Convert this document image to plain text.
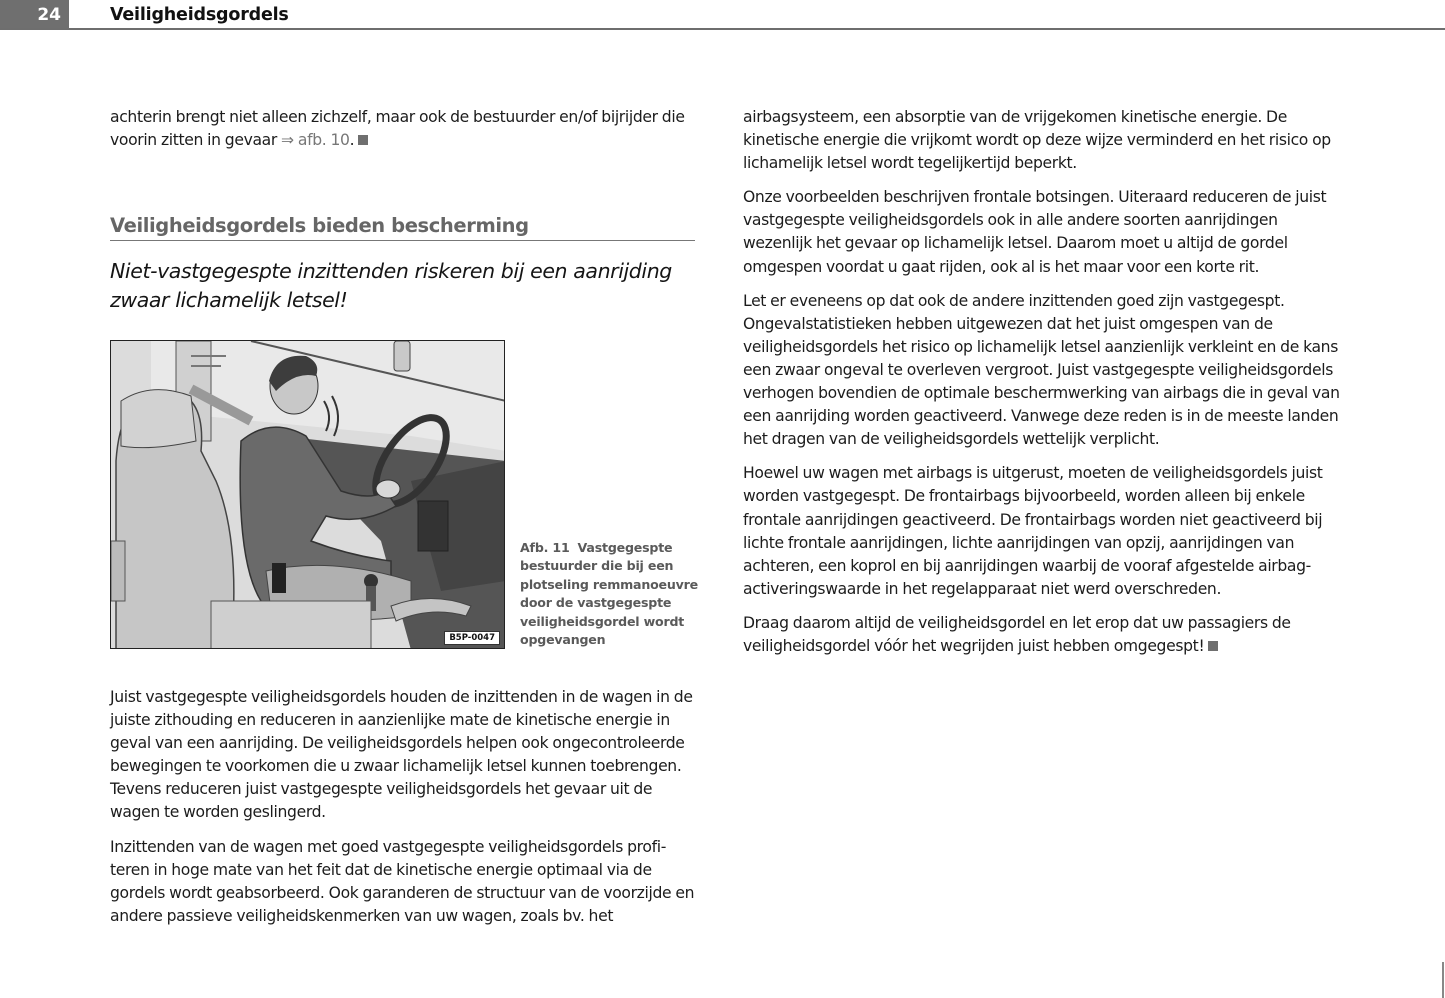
24	Veiligheidsgordels

achterin brengt niet alleen zichzelf, maar ook de bestuurder en/of bijrijder die voorin zitten in gevaar ⇒ afb. 10.

Veiligheidsgordels bieden bescherming
Niet-vastgegespte inzittenden riskeren bij een aanrijding zwaar lichamelijk letsel!
B5P-0047
Afb. 11 Vastgegespte bestuurder die bij een plotseling remmanoeuvre door de vastgegespte veiligheidsgordel wordt opgevangen

Juist vastgegespte veiligheidsgordels houden de inzittenden in de wagen in de juiste zithouding en reduceren in aanzienlijke mate de kinetische energie in geval van een aanrijding. De veiligheidsgordels helpen ook ongecontroleerde bewegingen te voorkomen die u zwaar lichamelijk letsel kunnen toebrengen. Tevens reduceren juist vastgegespte veiligheidsgordels het gevaar uit de wagen te worden geslingerd.

Inzittenden van de wagen met goed vastgegespte veiligheidsgordels profiteren in hoge mate van het feit dat de kinetische energie optimaal via de gordels wordt geabsorbeerd. Ook garanderen de structuur van de voorzijde en andere passieve veiligheidskenmerken van uw wagen, zoals bv. het

airbagsysteem, een absorptie van de vrijgekomen kinetische energie. De kinetische energie die vrijkomt wordt op deze wijze verminderd en het risico op lichamelijk letsel wordt tegelijkertijd beperkt.

Onze voorbeelden beschrijven frontale botsingen. Uiteraard reduceren de juist vastgegespte veiligheidsgordels ook in alle andere soorten aanrijdingen wezenlijk het gevaar op lichamelijk letsel. Daarom moet u altijd de gordel omgespen voordat u gaat rijden, ook al is het maar voor een korte rit.

Let er eveneens op dat ook de andere inzittenden goed zijn vastgegespt. Ongevalstatistieken hebben uitgewezen dat het juist omgespen van de veiligheidsgordels het risico op lichamelijk letsel aanzienlijk verkleint en de kans een zwaar ongeval te overleven vergroot. Juist vastgegespte veiligheidsgordels verhogen bovendien de optimale beschermwerking van airbags die in geval van een aanrijding worden geactiveerd. Vanwege deze reden is in de meeste landen het dragen van de veiligheidsgordels wettelijk verplicht.

Hoewel uw wagen met airbags is uitgerust, moeten de veiligheidsgordels juist worden vastgegespt. De frontairbags bijvoorbeeld, worden alleen bij enkele frontale aanrijdingen geactiveerd. De frontairbags worden niet geactiveerd bij lichte frontale aanrijdingen, lichte aanrijdingen van opzij, aanrijdingen van achteren, een koprol en bij aanrijdingen waarbij de vooraf afgestelde airbag-activeringswaarde in het regelapparaat niet werd overschreden.

Draag daarom altijd de veiligheidsgordel en let erop dat uw passagiers de veiligheidsgordel vóór het wegrijden juist hebben omgegespt!
